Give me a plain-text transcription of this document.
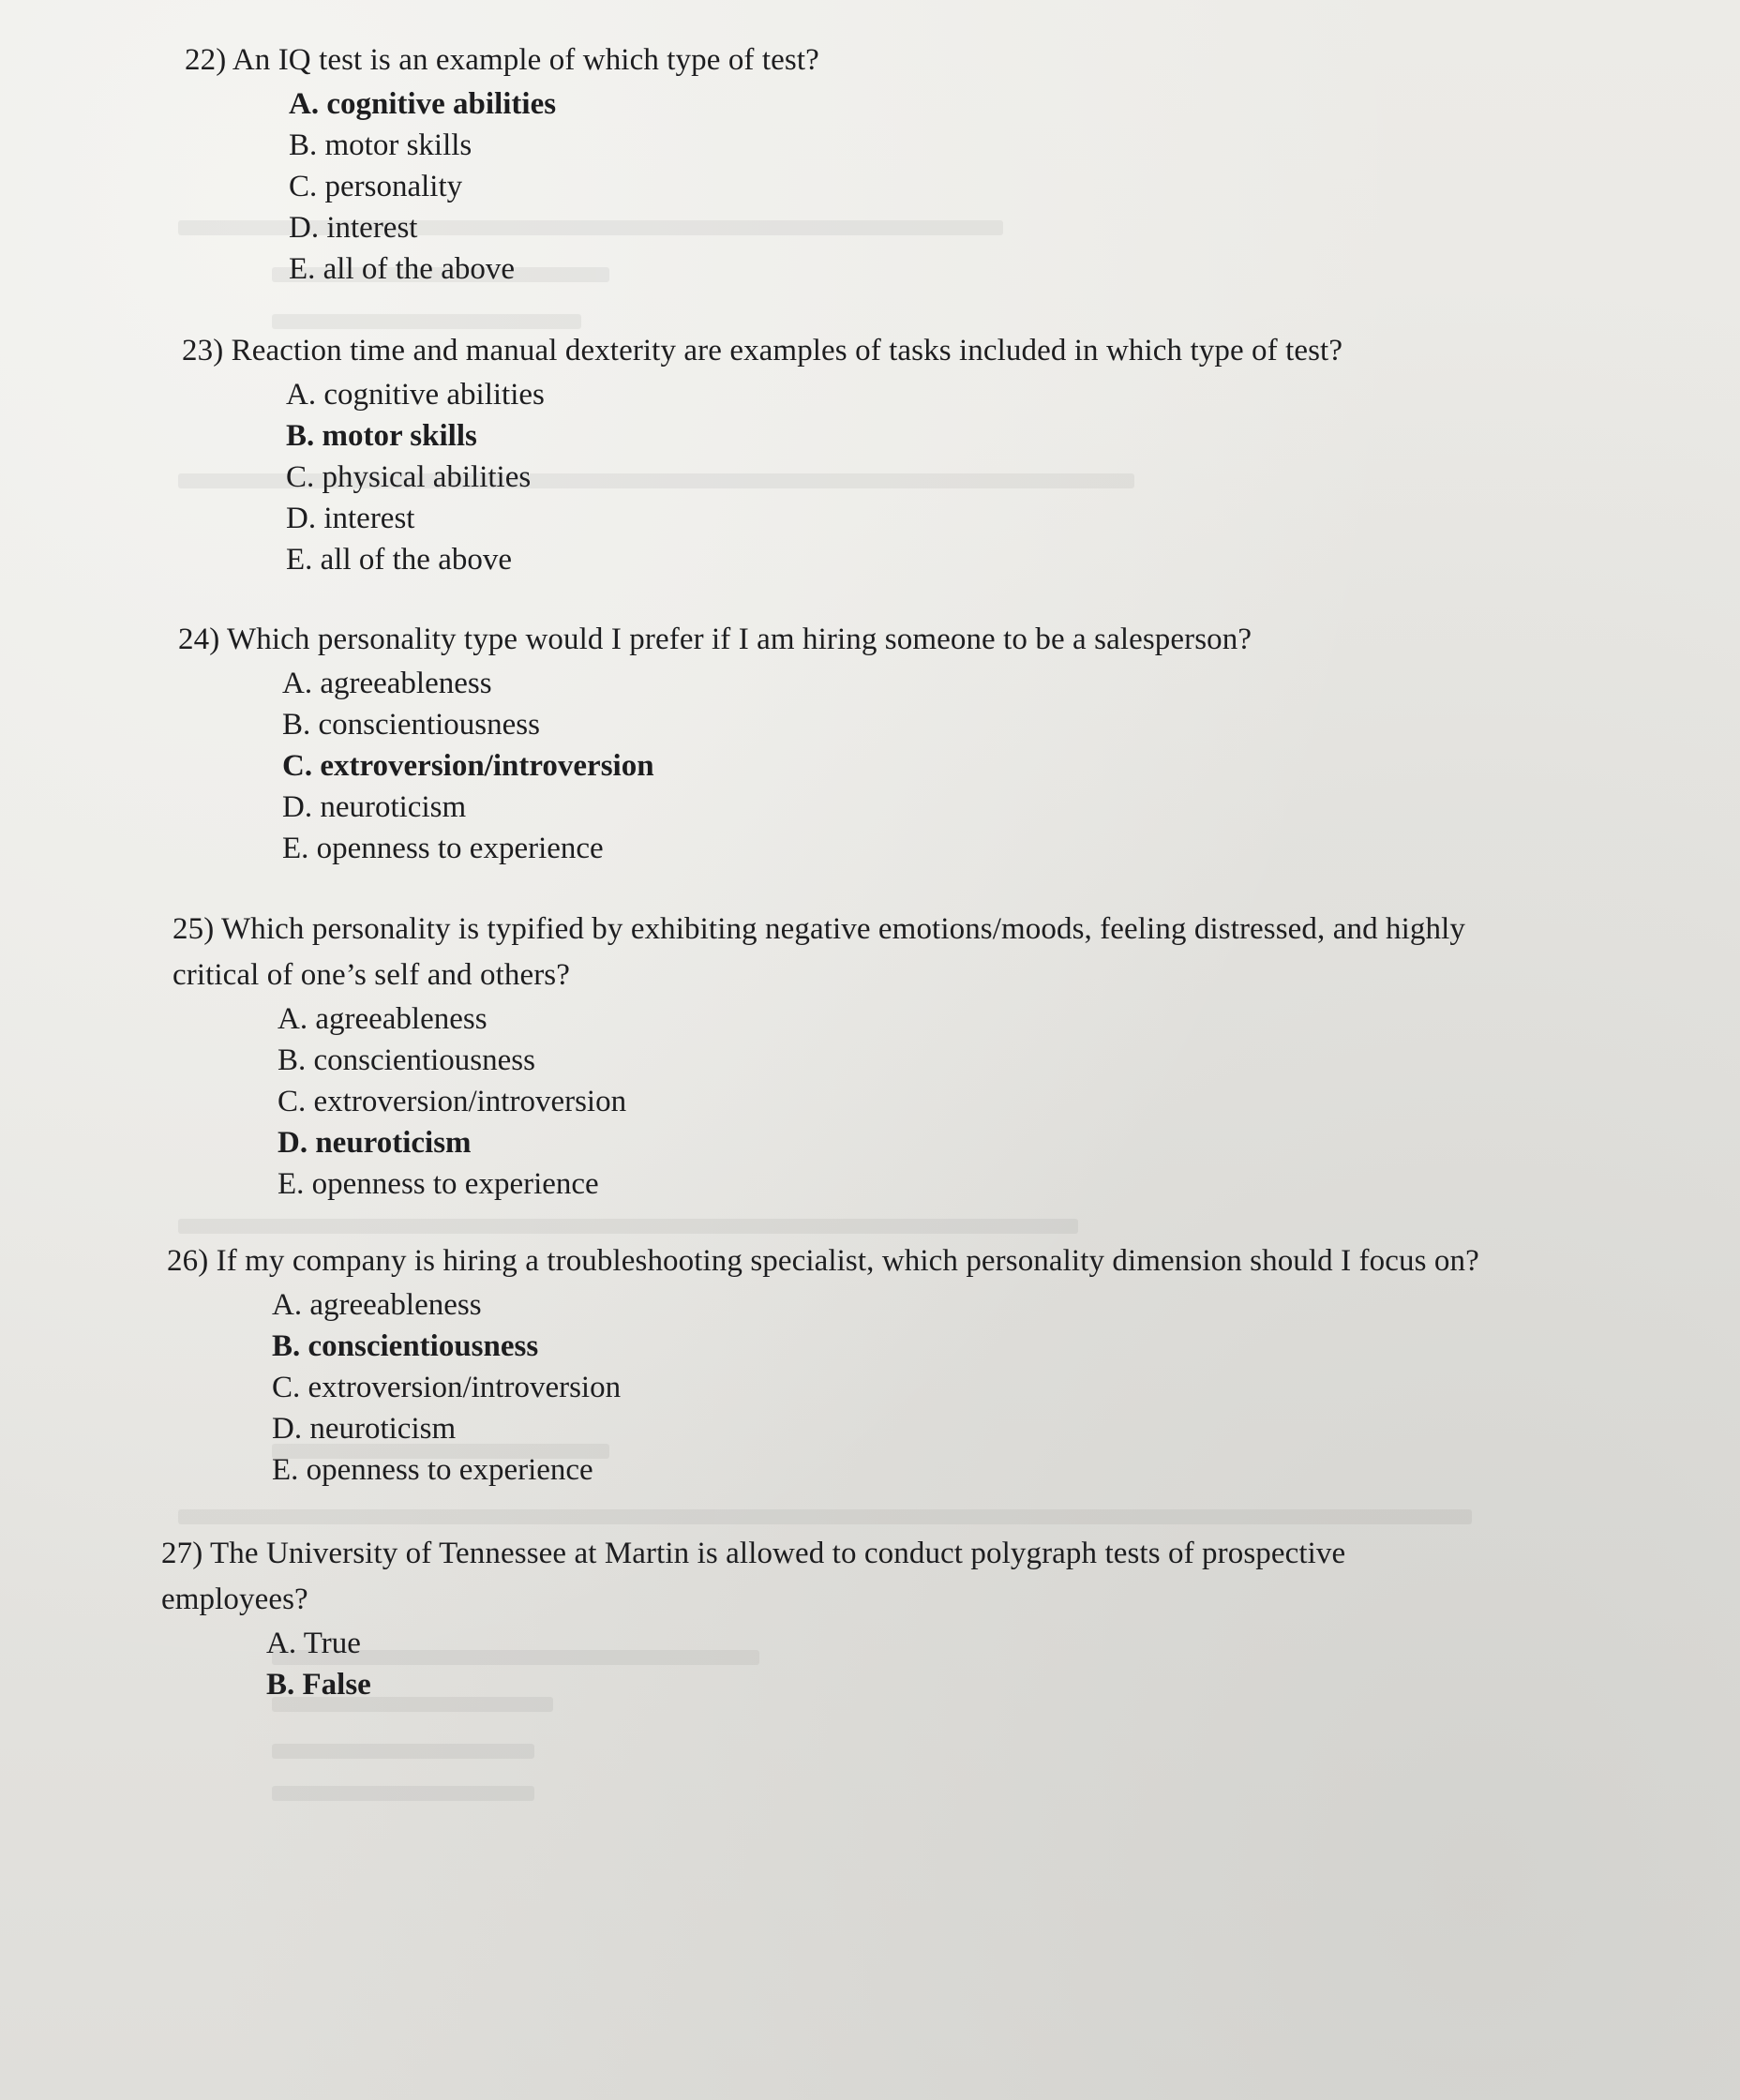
22) An IQ test is an example of which type of test?

A. cognitive abilities
B. motor skills
C. personality
D. interest
E. all of the above

23) Reaction time and manual dexterity are examples of tasks included in which type of test?

A. cognitive abilities
B. motor skills
C. physical abilities
D. interest
E. all of the above

24) Which personality type would I prefer if I am hiring someone to be a salesperson?

A. agreeableness
B. conscientiousness
C. extroversion/introversion
D. neuroticism
E. openness to experience

25) Which personality is typified by exhibiting negative emotions/moods, feeling distressed, and highly
critical of one’s self and others?

A. agreeableness
B. conscientiousness
C. extroversion/introversion
D. neuroticism
E. openness to experience

26) If my company is hiring a troubleshooting specialist, which personality dimension should I focus on?

A. agreeableness
B. conscientiousness
C. extroversion/introversion
D. neuroticism
E. openness to experience

27) The University of Tennessee at Martin is allowed to conduct polygraph tests of prospective
employees?

A. True
B. False
